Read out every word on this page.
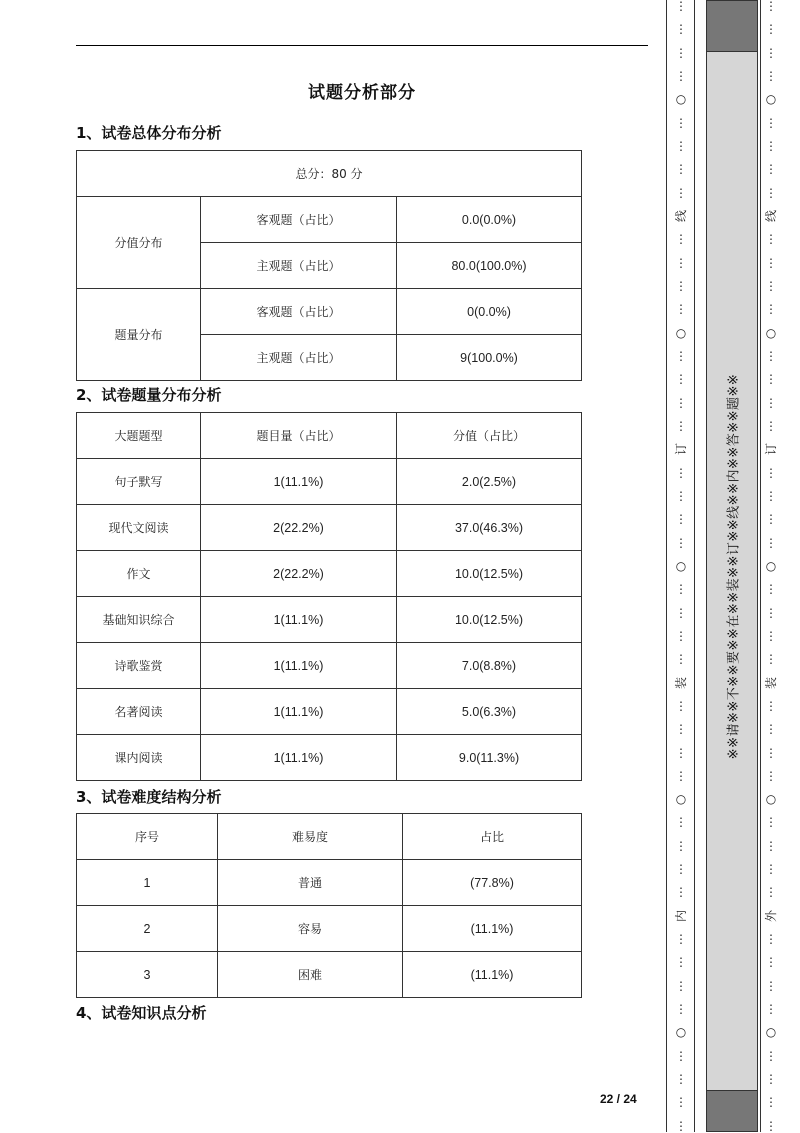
试题分析部分
1、试卷总体分布分析
总分：80 分		
分值分布	客观题（占比）	0.0(0.0%)
	主观题（占比）	80.0(100.0%)
题量分布	客观题（占比）	0(0.0%)
	主观题（占比）	9(100.0%)
2、试卷题量分布分析
大题题型	题目量（占比）	分值（占比）
句子默写	1(11.1%)	2.0(2.5%)
现代文阅读	2(22.2%)	37.0(46.3%)
作文	2(22.2%)	10.0(12.5%)
基础知识综合	1(11.1%)	10.0(12.5%)
诗歌鉴赏	1(11.1%)	7.0(8.8%)
名著阅读	1(11.1%)	5.0(6.3%)
课内阅读	1(11.1%)	9.0(11.3%)
3、试卷难度结构分析
序号	难易度	占比
1	普通	(77.8%)
2	容易	(11.1%)
3	困难	(11.1%)
4、试卷知识点分析
22 / 24
⋮
⋮
⋮
⋮
○
⋮
⋮
⋮
⋮
线
⋮
⋮
⋮
⋮
○
⋮
⋮
⋮
⋮
订
⋮
⋮
⋮
⋮
○
⋮
⋮
⋮
⋮
装
⋮
⋮
⋮
⋮
○
⋮
⋮
⋮
⋮
内
⋮
⋮
⋮
⋮
○
⋮
⋮
⋮
⋮
※※请※※不※※要※※在※※装※※订※※线※※内※※答※※题※※
⋮
⋮
⋮
⋮
○
⋮
⋮
⋮
⋮
线
⋮
⋮
⋮
⋮
○
⋮
⋮
⋮
⋮
订
⋮
⋮
⋮
⋮
○
⋮
⋮
⋮
⋮
装
⋮
⋮
⋮
⋮
○
⋮
⋮
⋮
⋮
外
⋮
⋮
⋮
⋮
○
⋮
⋮
⋮
⋮
